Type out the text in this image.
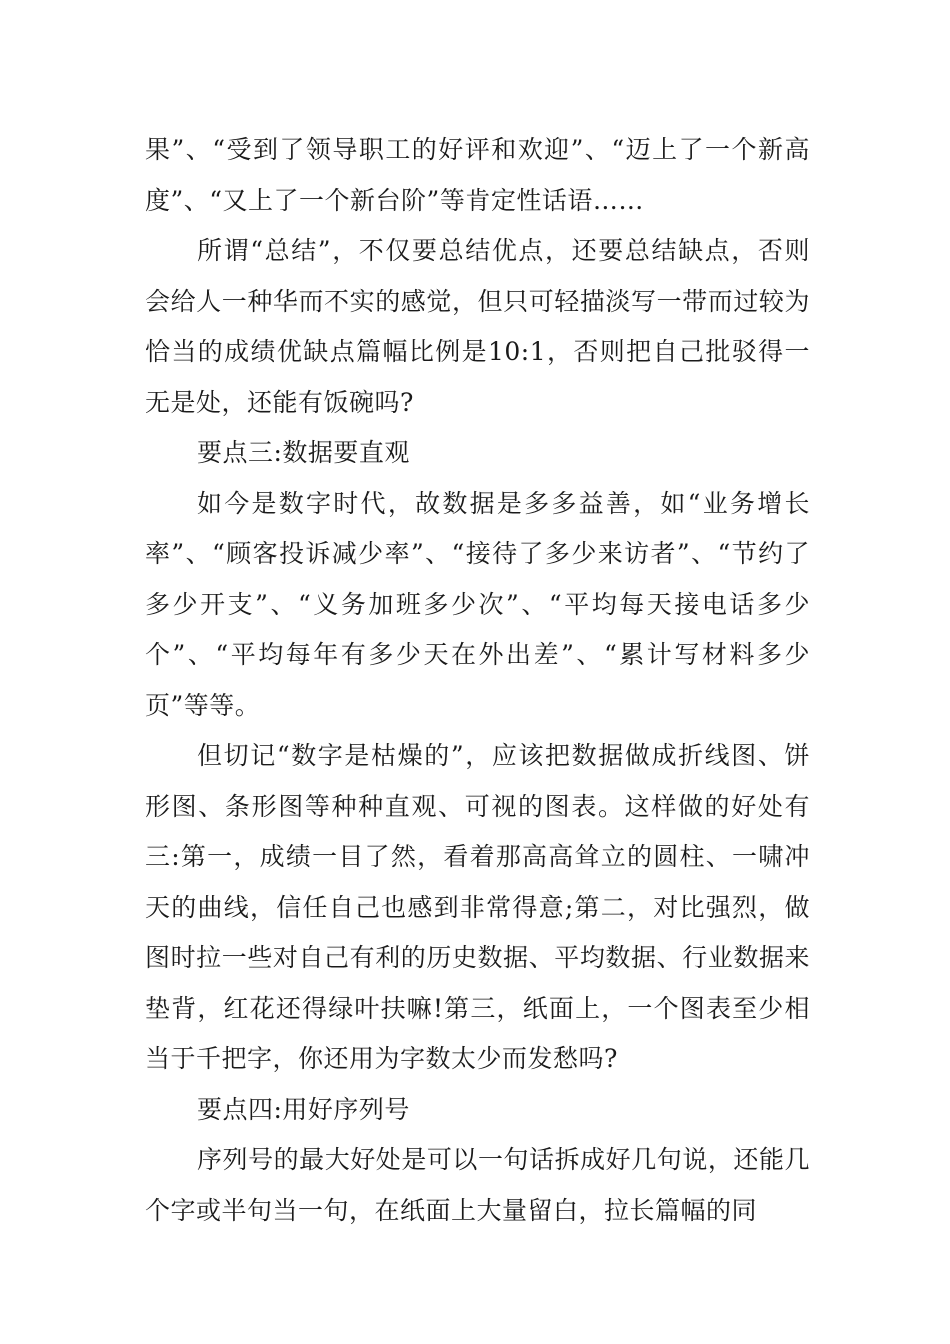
果”、“受到了领导职工的好评和欢迎”、“迈上了一个新高度”、“又上了一个新台阶”等肯定性话语……

所谓“总结”，不仅要总结优点，还要总结缺点，否则会给人一种华而不实的感觉，但只可轻描淡写一带而过较为恰当的成绩优缺点篇幅比例是10:1，否则把自己批驳得一无是处，还能有饭碗吗?

要点三:数据要直观

如今是数字时代，故数据是多多益善，如“业务增长率”、“顾客投诉减少率”、“接待了多少来访者”、“节约了多少开支”、“义务加班多少次”、“平均每天接电话多少个”、“平均每年有多少天在外出差”、“累计写材料多少页”等等。

但切记“数字是枯燥的”，应该把数据做成折线图、饼形图、条形图等种种直观、可视的图表。这样做的好处有三:第一，成绩一目了然，看着那高高耸立的圆柱、一啸冲天的曲线，信任自己也感到非常得意;第二，对比强烈，做图时拉一些对自己有利的历史数据、平均数据、行业数据来垫背，红花还得绿叶扶嘛!第三，纸面上，一个图表至少相当于千把字，你还用为字数太少而发愁吗?

要点四:用好序列号

序列号的最大好处是可以一句话拆成好几句说，还能几个字或半句当一句，在纸面上大量留白，拉长篇幅的同
